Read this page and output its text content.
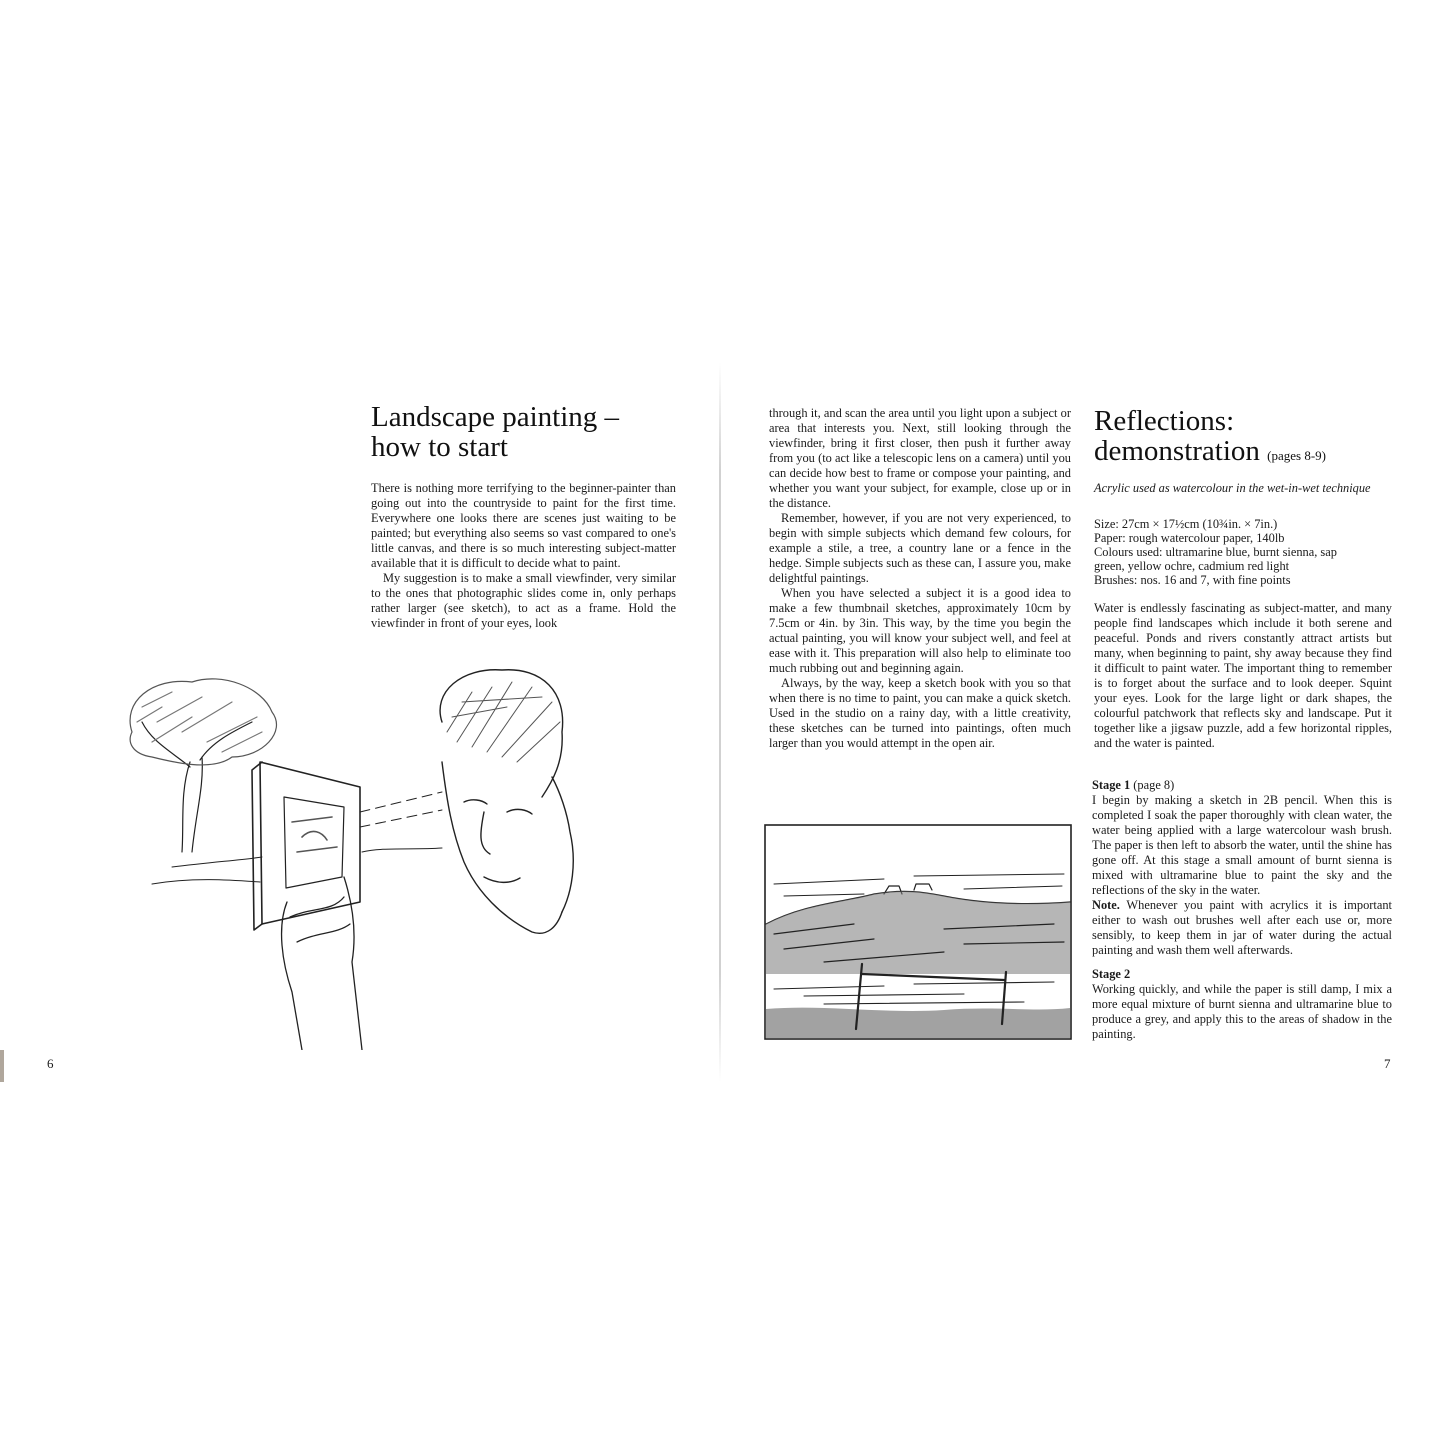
Landscape painting –
how to start

There is nothing more terrifying to the beginner-painter than going out into the countryside to paint for the first time. Everywhere one looks there are scenes just waiting to be painted; but everything also seems so vast compared to one's little canvas, and there is so much interesting subject-matter available that it is difficult to decide what to paint.

My suggestion is to make a small viewfinder, very similar to the ones that photographic slides come in, only perhaps rather larger (see sketch), to act as a frame. Hold the viewfinder in front of your eyes, look

6

through it, and scan the area until you light upon a subject or area that interests you. Next, still looking through the viewfinder, bring it first closer, then push it further away from you (to act like a telescopic lens on a camera) until you can decide how best to frame or compose your painting, and whether you want your subject, for example, close up or in the distance.

Remember, however, if you are not very experienced, to begin with simple subjects which demand few colours, for example a stile, a tree, a country lane or a fence in the hedge. Simple subjects such as these can, I assure you, make delightful paintings.

When you have selected a subject it is a good idea to make a few thumbnail sketches, approximately 10cm by 7.5cm or 4in. by 3in. This way, by the time you begin the actual painting, you will know your subject well, and feel at ease with it. This preparation will also help to eliminate too much rubbing out and beginning again.

Always, by the way, keep a sketch book with you so that when there is no time to paint, you can make a quick sketch. Used in the studio on a rainy day, with a little creativity, these sketches can be turned into paintings, often much larger than you would attempt in the open air.

Reflections:
demonstration (pages 8-9)
Acrylic used as watercolour in the wet-in-wet technique
Size: 27cm × 17½cm (10¾in. × 7in.)
Paper: rough watercolour paper, 140lb
Colours used: ultramarine blue, burnt sienna, sap
green, yellow ochre, cadmium red light
Brushes: nos. 16 and 7, with fine points
Water is endlessly fascinating as subject-matter, and many people find landscapes which include it both serene and peaceful. Ponds and rivers constantly attract artists but many, when beginning to paint, shy away because they find it difficult to paint water. The important thing to remember is to forget about the surface and to look deeper. Squint your eyes. Look for the large light or dark shapes, the colourful patchwork that reflects sky and landscape. Put it together like a jigsaw puzzle, add a few horizontal ripples, and the water is painted.

Stage 1 (page 8)

I begin by making a sketch in 2B pencil. When this is completed I soak the paper thoroughly with clean water, the water being applied with a large watercolour wash brush. The paper is then left to absorb the water, until the shine has gone off. At this stage a small amount of burnt sienna is mixed with ultramarine blue to paint the sky and the reflections of the sky in the water.

Note. Whenever you paint with acrylics it is important either to wash out brushes well after each use or, more sensibly, to keep them in jar of water during the actual painting and wash them well afterwards.

Stage 2

Working quickly, and while the paper is still damp, I mix a more equal mixture of burnt sienna and ultramarine blue to produce a grey, and apply this to the areas of shadow in the painting.

7
